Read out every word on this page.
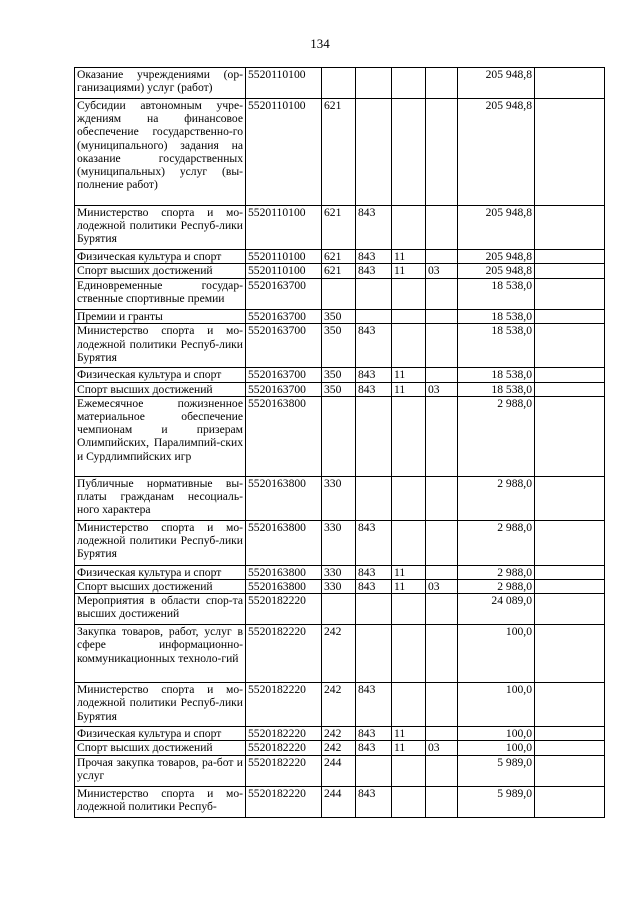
134
Оказание учреждениями (ор-ганизациями) услуг (работ)	5520110100					205 948,8	
Субсидии автономным учре-ждениям на финансовое обеспечение государственно-го (муниципального) задания на оказание государственных (муниципальных) услуг (вы-полнение работ)	5520110100	621				205 948,8	
Министерство спорта и мо-лодежной политики Респуб-лики Бурятия	5520110100	621	843			205 948,8	
Физическая культура и спорт	5520110100	621	843	11		205 948,8	
Спорт высших достижений	5520110100	621	843	11	03	205 948,8	
Единовременные государ-ственные спортивные премии	5520163700					18 538,0	
Премии и гранты	5520163700	350				18 538,0	
Министерство спорта и мо-лодежной политики Респуб-лики Бурятия	5520163700	350	843			18 538,0	
Физическая культура и спорт	5520163700	350	843	11		18 538,0	
Спорт высших достижений	5520163700	350	843	11	03	18 538,0	
Ежемесячное пожизненное материальное обеспечение чемпионам и призерам Олимпийских, Паралимпий-ских и Сурдлимпийских игр	5520163800					2 988,0	
Публичные нормативные вы-платы гражданам несоциаль-ного характера	5520163800	330				2 988,0	
Министерство спорта и мо-лодежной политики Респуб-лики Бурятия	5520163800	330	843			2 988,0	
Физическая культура и спорт	5520163800	330	843	11		2 988,0	
Спорт высших достижений	5520163800	330	843	11	03	2 988,0	
Мероприятия в области спор-та высших достижений	5520182220					24 089,0	
Закупка товаров, работ, услуг в сфере информационно-коммуникационных техноло-гий	5520182220	242				100,0	
Министерство спорта и мо-лодежной политики Респуб-лики Бурятия	5520182220	242	843			100,0	
Физическая культура и спорт	5520182220	242	843	11		100,0	
Спорт высших достижений	5520182220	242	843	11	03	100,0	
Прочая закупка товаров, ра-бот и услуг	5520182220	244				5 989,0	
Министерство спорта и мо-лодежной политики Респуб-	5520182220	244	843			5 989,0	
